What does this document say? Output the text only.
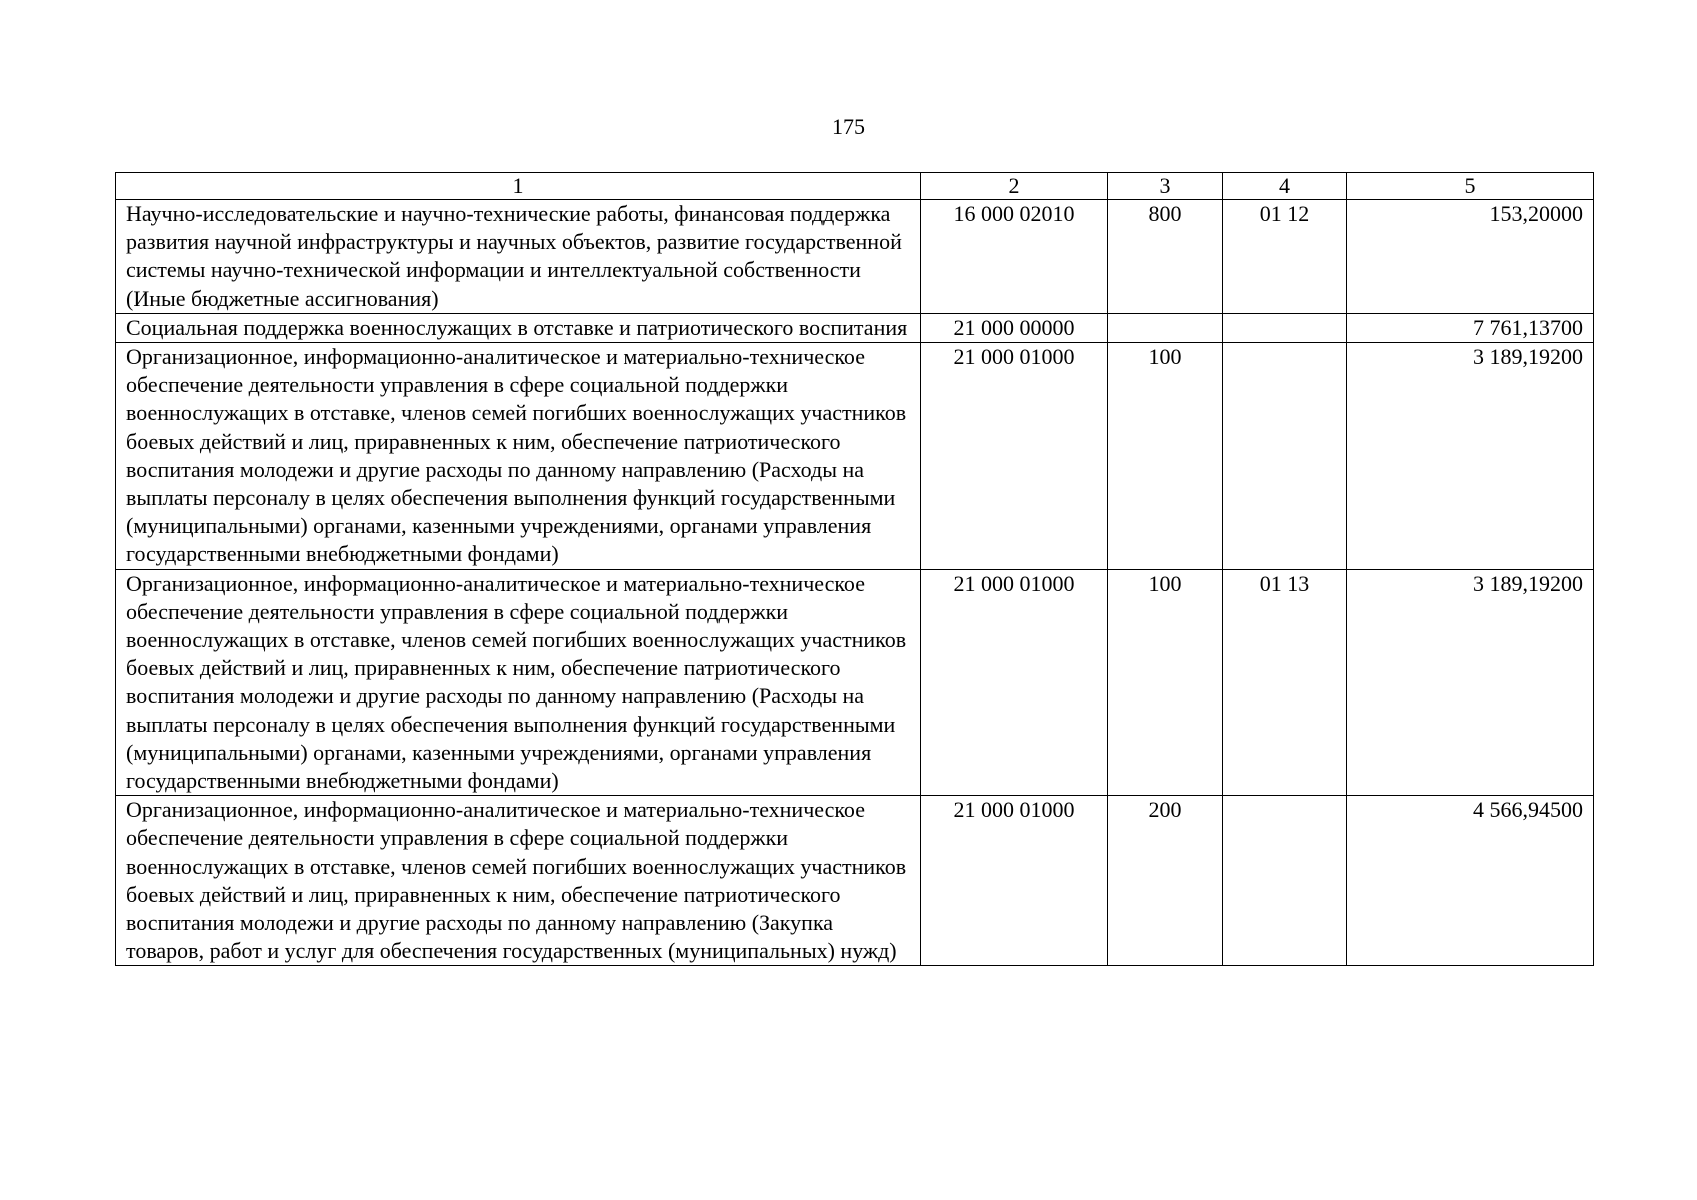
175
1	2	3	4	5
Научно-исследовательские и научно-технические работы, финансовая поддержка развития научной инфраструктуры и научных объектов, развитие государственной системы научно-технической информации и интеллектуальной собственности (Иные бюджетные ассигнования)	16 000 02010	800	01 12	153,20000
Социальная поддержка военнослужащих в отставке и патриотического воспитания	21 000 00000			7 761,13700
Организационное, информационно-аналитическое и материально-техническое обеспечение деятельности управления в сфере социальной поддержки военнослужащих в отставке, членов семей погибших военнослужащих участников боевых действий и лиц, приравненных к ним, обеспечение патриотического воспитания молодежи и другие расходы по данному направлению (Расходы на выплаты персоналу в целях обеспечения выполнения функций государственными (муниципальными) органами, казенными учреждениями, органами управления государственными внебюджетными фондами)	21 000 01000	100		3 189,19200
Организационное, информационно-аналитическое и материально-техническое обеспечение деятельности управления в сфере социальной поддержки военнослужащих в отставке, членов семей погибших военнослужащих участников боевых действий и лиц, приравненных к ним, обеспечение патриотического воспитания молодежи и другие расходы по данному направлению (Расходы на выплаты персоналу в целях обеспечения выполнения функций государственными (муниципальными) органами, казенными учреждениями, органами управления государственными внебюджетными фондами)	21 000 01000	100	01 13	3 189,19200
Организационное, информационно-аналитическое и материально-техническое обеспечение деятельности управления в сфере социальной поддержки военнослужащих в отставке, членов семей погибших военнослужащих участников боевых действий и лиц, приравненных к ним, обеспечение патриотического воспитания молодежи и другие расходы по данному направлению (Закупка товаров, работ и услуг для обеспечения государственных (муниципальных) нужд)	21 000 01000	200		4 566,94500
